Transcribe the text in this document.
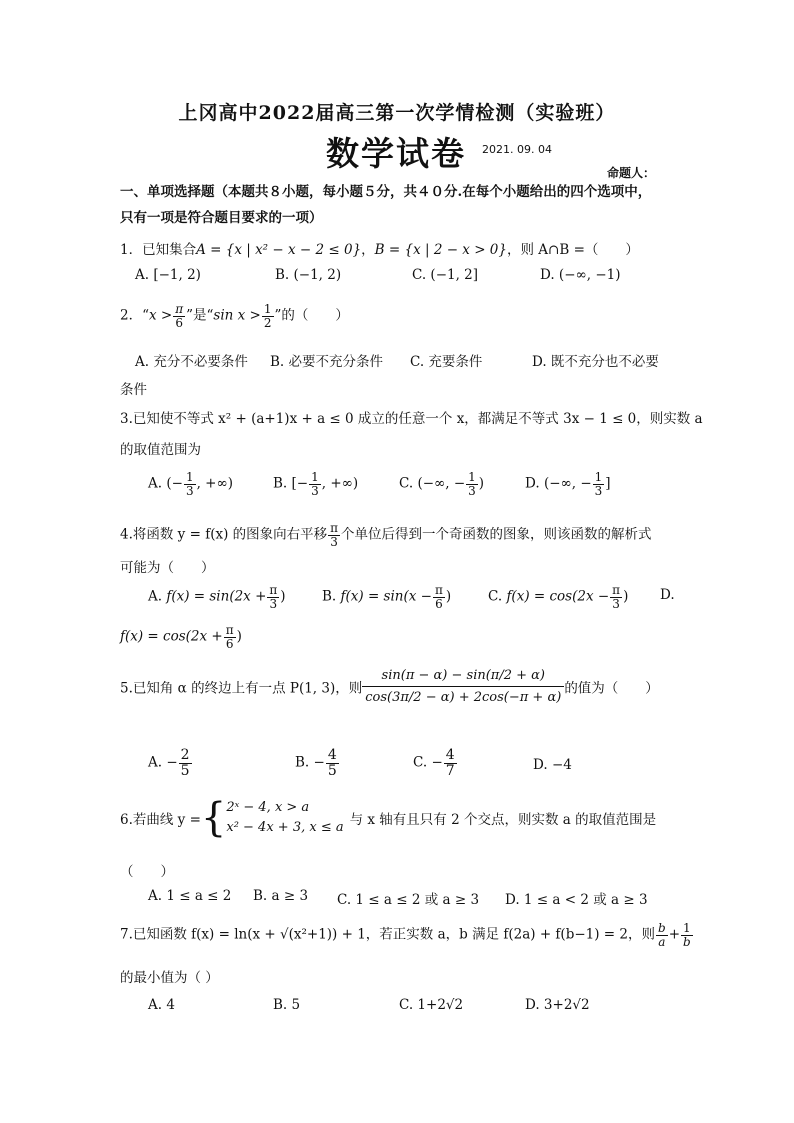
上冈高中2022届高三第一次学情检测（实验班）
数学试卷 2021. 09. 04
命题人：
一、单项选择题（本题共８小题，每小题５分，共４０分.在每个小题给出的四个选项中，
只有一项是符合题目要求的一项）
1．已知集合A = {x | x² − x − 2 ≤ 0}，B = {x | 2 − x > 0}，则 A∩B =（　　）
A. [−1, 2)	B. (−1, 2)	C. (−1, 2]	D. (−∞, −1)
2．“$x > \frac{\pi}{6}$ ”是“sin $x > \frac{1}{2}$ ”的（　　）
A. 充分不必要条件 B. 必要不充分条件 C. 充要条件	D. 既不充分也不必要
条件
3.已知使不等式 x² + (a+1)x + a ≤ 0 成立的任意一个 x，都满足不等式 3x − 1 ≤ 0，则实数 a
的取值范围为
A. (− $\frac{1}{3}$ , +∞)	B. [− $\frac{1}{3}$ , +∞)	C. (−∞, − $\frac{1}{3}$ )	D. (−∞, − $\frac{1}{3}$ ]
4.将函数 y = f(x) 的图象向右平移 $\frac{\pi}{3}$ 个单位后得到一个奇函数的图象，则该函数的解析式
可能为（　　）
A. $f(x) = \sin(2x + \frac{\pi}{3}$ )	B. $f(x) = \sin(x - \frac{\pi}{6}$ )	C. $f(x) = \cos(2x - \frac{\pi}{3}$ ) D.
$f(x) = \cos(2x + \frac{\pi}{6}$ )
5.已知角 α 的终边上有一点 P(1, 3)，则 $\frac{\sin(\pi - \alpha) - \sin(\pi/2 + \alpha)}{\cos(3\pi/2 - \alpha) + 2\cos(-\pi + \alpha)}$ 的值为（　　）
A. − $\frac{2}{5}$	B. − $\frac{4}{5}$	C. − $\frac{4}{7}$	D. −4
6.若曲线 y ={ 2ˣ − 4, x > a
x² − 4x + 3, x ≤ a 与 x 轴有且只有 2 个交点，则实数 a 的取值范围是
（　　）
A. 1 ≤ a ≤ 2 B. a ≥ 3 C. 1 ≤ a ≤ 2 或 a ≥ 3 D. 1 ≤ a < 2 或 a ≥ 3
7.已知函数 f(x) = ln(x + √(x²+1)) + 1，若正实数 a，b 满足 f(2a) + f(b−1) = 2，则 $\frac{b}{a} + \frac{1}{b}$
的最小值为（ ）
A. 4	B. 5	C. 1+2√2	D. 3+2√2
